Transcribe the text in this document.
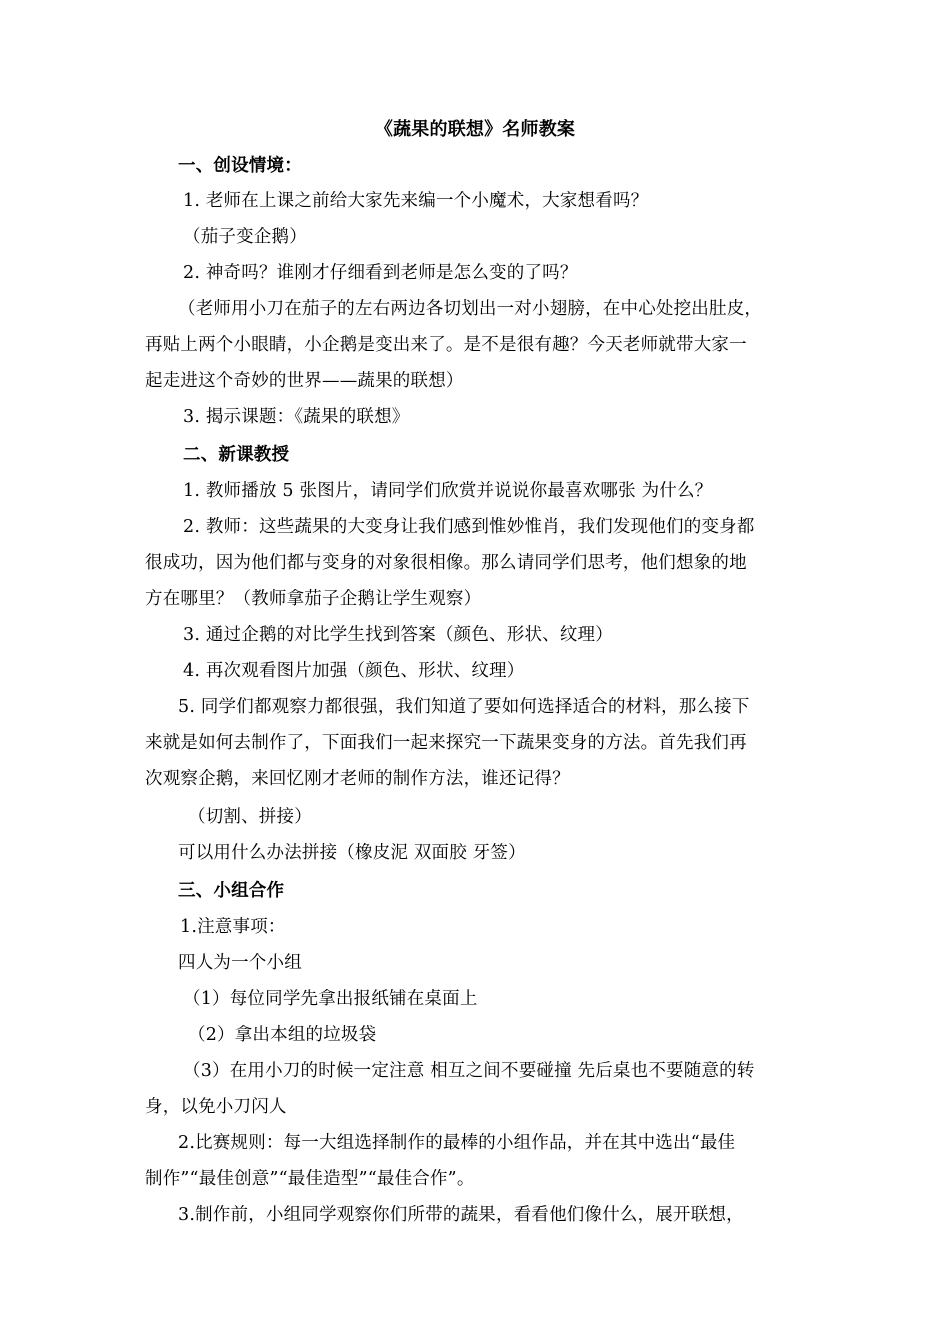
《蔬果的联想》名师教案
一、创设情境：
1. 老师在上课之前给大家先来编一个小魔术，大家想看吗？
（茄子变企鹅）
2. 神奇吗？谁刚才仔细看到老师是怎么变的了吗？
（老师用小刀在茄子的左右两边各切划出一对小翅膀，在中心处挖出肚皮，
再贴上两个小眼睛，小企鹅是变出来了。是不是很有趣？今天老师就带大家一
起走进这个奇妙的世界——蔬果的联想）
3. 揭示课题：《蔬果的联想》
二、新课教授
1. 教师播放 5 张图片，请同学们欣赏并说说你最喜欢哪张 为什么？
2. 教师：这些蔬果的大变身让我们感到惟妙惟肖，我们发现他们的变身都
很成功，因为他们都与变身的对象很相像。那么请同学们思考，他们想象的地
方在哪里？（教师拿茄子企鹅让学生观察）
3. 通过企鹅的对比学生找到答案（颜色、形状、纹理）
4. 再次观看图片加强（颜色、形状、纹理）
5. 同学们都观察力都很强，我们知道了要如何选择适合的材料，那么接下
来就是如何去制作了，下面我们一起来探究一下蔬果变身的方法。首先我们再
次观察企鹅，来回忆刚才老师的制作方法，谁还记得？
（切割、拼接）
可以用什么办法拼接（橡皮泥 双面胶 牙签）
三、小组合作
1.注意事项：
四人为一个小组
（1）每位同学先拿出报纸铺在桌面上
（2）拿出本组的垃圾袋
（3）在用小刀的时候一定注意 相互之间不要碰撞 先后桌也不要随意的转
身，以免小刀闪人
2.比赛规则：每一大组选择制作的最棒的小组作品，并在其中选出“最佳
制作”“最佳创意”“最佳造型”“最佳合作”。
3.制作前，小组同学观察你们所带的蔬果，看看他们像什么，展开联想，
